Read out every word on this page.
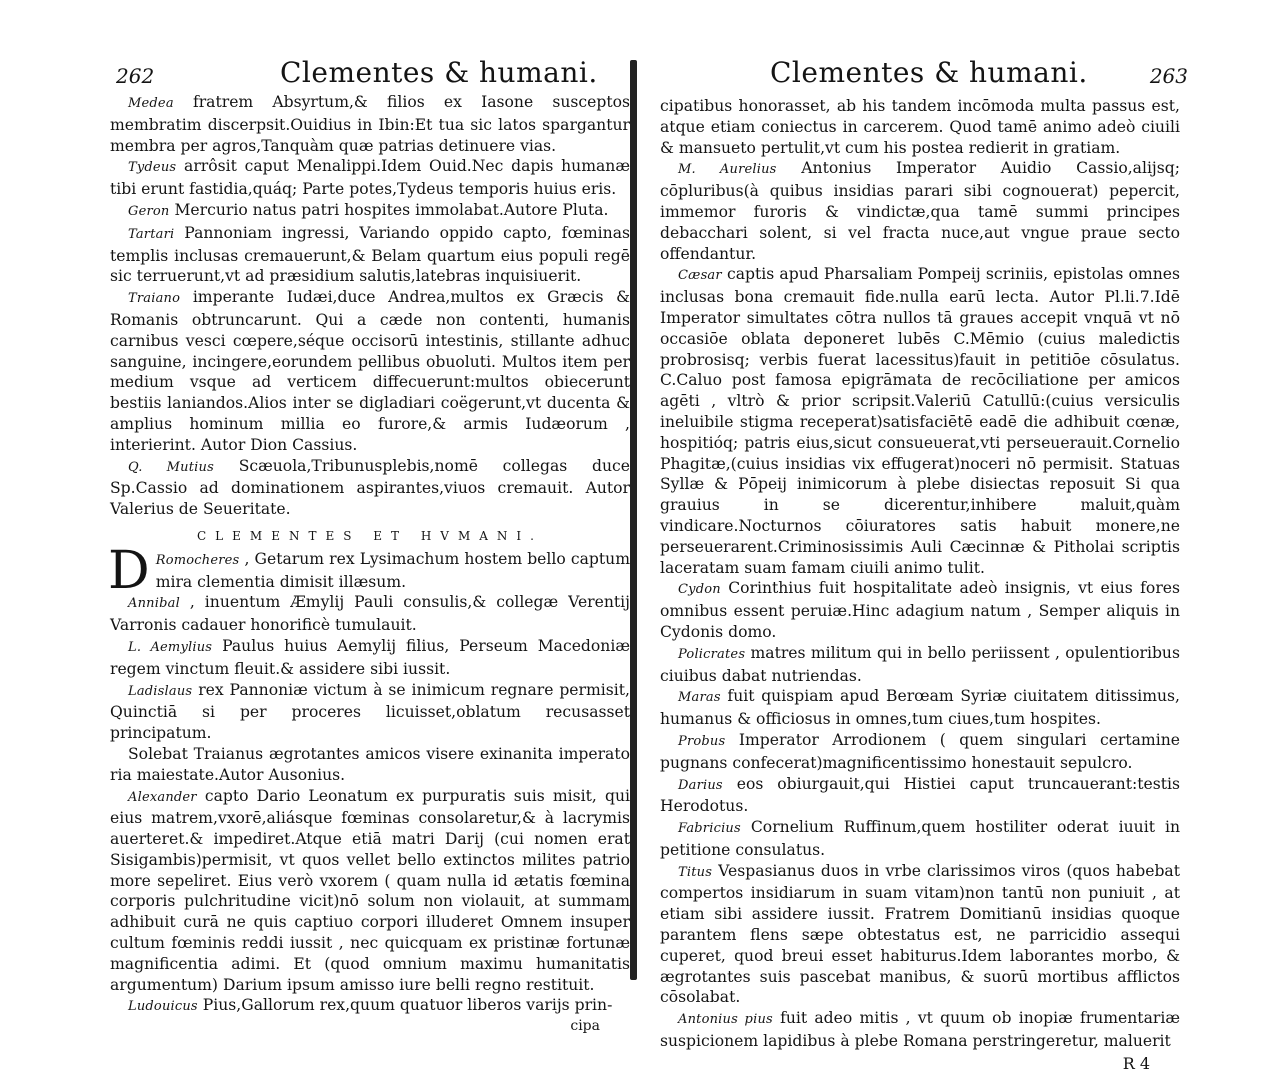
262	Clementes & humani.

Medea fratrem Absyrtum,& filios ex Iasone susceptos membratim discerpsit.Ouidius in Ibin:Et tua sic latos spargantur membra per agros,Tanquàm quæ patrias detinuere vias.

Tydeus arrôsit caput Menalippi.Idem Ouid.Nec dapis humanæ tibi erunt fastidia,quáq; Parte potes,Tydeus temporis huius eris.

Geron Mercurio natus patri hospites immolabat.Autore Pluta.

Tartari Pannoniam ingressi, Variando oppido capto, fœminas templis inclusas cremauerunt,& Belam quartum eius populi regē sic terruerunt,vt ad præsidium salutis,latebras inquisiuerit.

Traiano imperante Iudæi,duce Andrea,multos ex Græcis & Romanis obtruncarunt. Qui a cæde non contenti, humanis carnibus vesci cœpere,séque occisorū intestinis, stillante adhuc sanguine, incingere,eorundem pellibus obuoluti. Multos item per medium vsque ad verticem diffecuerunt:multos obiecerunt bestiis laniandos.Alios inter se digladiari coëgerunt,vt ducenta & amplius hominum millia eo furore,& armis Iudæorum , interierint. Autor Dion Cassius.

Q. Mutius Scæuola,Tribunusplebis,nomē collegas duce Sp.Cassio ad dominationem aspirantes,viuos cremauit. Autor Valerius de Seueritate.

CLEMENTES ET HVMANI.
D Romocheres , Getarum rex Lysimachum hostem bello captum mira clementia dimisit illæsum.

Annibal , inuentum Æmylij Pauli consulis,& collegæ Verentij Varronis cadauer honorificè tumulauit.

L. Aemylius Paulus huius Aemylij filius, Perseum Macedoniæ regem vinctum fleuit.& assidere sibi iussit.

Ladislaus rex Pannoniæ victum à se inimicum regnare permisit, Quinctiā si per proceres licuisset,oblatum recusasset principatum.

Solebat Traianus ægrotantes amicos visere exinanita imperato ria maiestate.Autor Ausonius.

Alexander capto Dario Leonatum ex purpuratis suis misit, qui eius matrem,vxorē,aliásque fœminas consolaretur,& à lacrymis auerteret.& impediret.Atque etiā matri Darij (cui nomen erat Sisigambis)permisit, vt quos vellet bello extinctos milites patrio more sepeliret. Eius verò vxorem ( quam nulla id ætatis fœmina corporis pulchritudine vicit)nō solum non violauit, at summam adhibuit curā ne quis captiuo corpori illuderet Omnem insuper cultum fœminis reddi iussit , nec quicquam ex pristinæ fortunæ magnificentia adimi. Et (quod omnium maximu humanitatis argumentum) Darium ipsum amisso iure belli regno restituit.

Ludouicus Pius,Gallorum rex,quum quatuor liberos varijs prin-

cipa
Clementes & humani.	263

cipatibus honorasset, ab his tandem incōmoda multa passus est, atque etiam coniectus in carcerem. Quod tamē animo adeò ciuili & mansueto pertulit,vt cum his postea redierit in gratiam.

M. Aurelius Antonius Imperator Auidio Cassio,alijsq; cōpluribus(à quibus insidias parari sibi cognouerat) pepercit, immemor furoris & vindictæ,qua tamē summi principes debacchari solent, si vel fracta nuce,aut vngue praue secto offendantur.

Cæsar captis apud Pharsaliam Pompeij scriniis, epistolas omnes inclusas bona cremauit fide.nulla earū lecta. Autor Pl.li.7.Idē Imperator simultates cōtra nullos tā graues accepit vnquā vt nō occasiōe oblata deponeret lubēs C.Mēmio (cuius maledictis probrosisq; verbis fuerat lacessitus)fauit in petitiōe cōsulatus. C.Caluo post famosa epigrāmata de recōciliatione per amicos agēti , vltrò & prior scripsit.Valeriū Catullū:(cuius versiculis ineluibile stigma receperat)satisfaciētē eadē die adhibuit cœnæ, hospitióq; patris eius,sicut consueuerat,vti perseuerauit.Cornelio Phagitæ,(cuius insidias vix effugerat)noceri nō permisit. Statuas Syllæ & Pōpeij inimicorum à plebe disiectas reposuit Si qua grauius in se dicerentur,inhibere maluit,quàm vindicare.Nocturnos cōiuratores satis habuit monere,ne perseuerarent.Criminosissimis Auli Cæcinnæ & Pitholai scriptis laceratam suam famam ciuili animo tulit.

Cydon Corinthius fuit hospitalitate adeò insignis, vt eius fores omnibus essent peruiæ.Hinc adagium natum , Semper aliquis in Cydonis domo.

Policrates matres militum qui in bello periissent , opulentioribus ciuibus dabat nutriendas.

Maras fuit quispiam apud Berœam Syriæ ciuitatem ditissimus, humanus & officiosus in omnes,tum ciues,tum hospites.

Probus Imperator Arrodionem ( quem singulari certamine pugnans confecerat)magnificentissimo honestauit sepulcro.

Darius eos obiurgauit,qui Histiei caput truncauerant:testis Herodotus.

Fabricius Cornelium Ruffinum,quem hostiliter oderat iuuit in petitione consulatus.

Titus Vespasianus duos in vrbe clarissimos viros (quos habebat compertos insidiarum in suam vitam)non tantū non puniuit , at etiam sibi assidere iussit. Fratrem Domitianū insidias quoque parantem flens sæpe obtestatus est, ne parricidio assequi cuperet, quod breui esset habiturus.Idem laborantes morbo, & ægrotantes suis pascebat manibus, & suorū mortibus afflictos cōsolabat.

Antonius pius fuit adeo mitis , vt quum ob inopiæ frumentariæ suspicionem lapidibus à plebe Romana perstringeretur, maluerit

R 4
